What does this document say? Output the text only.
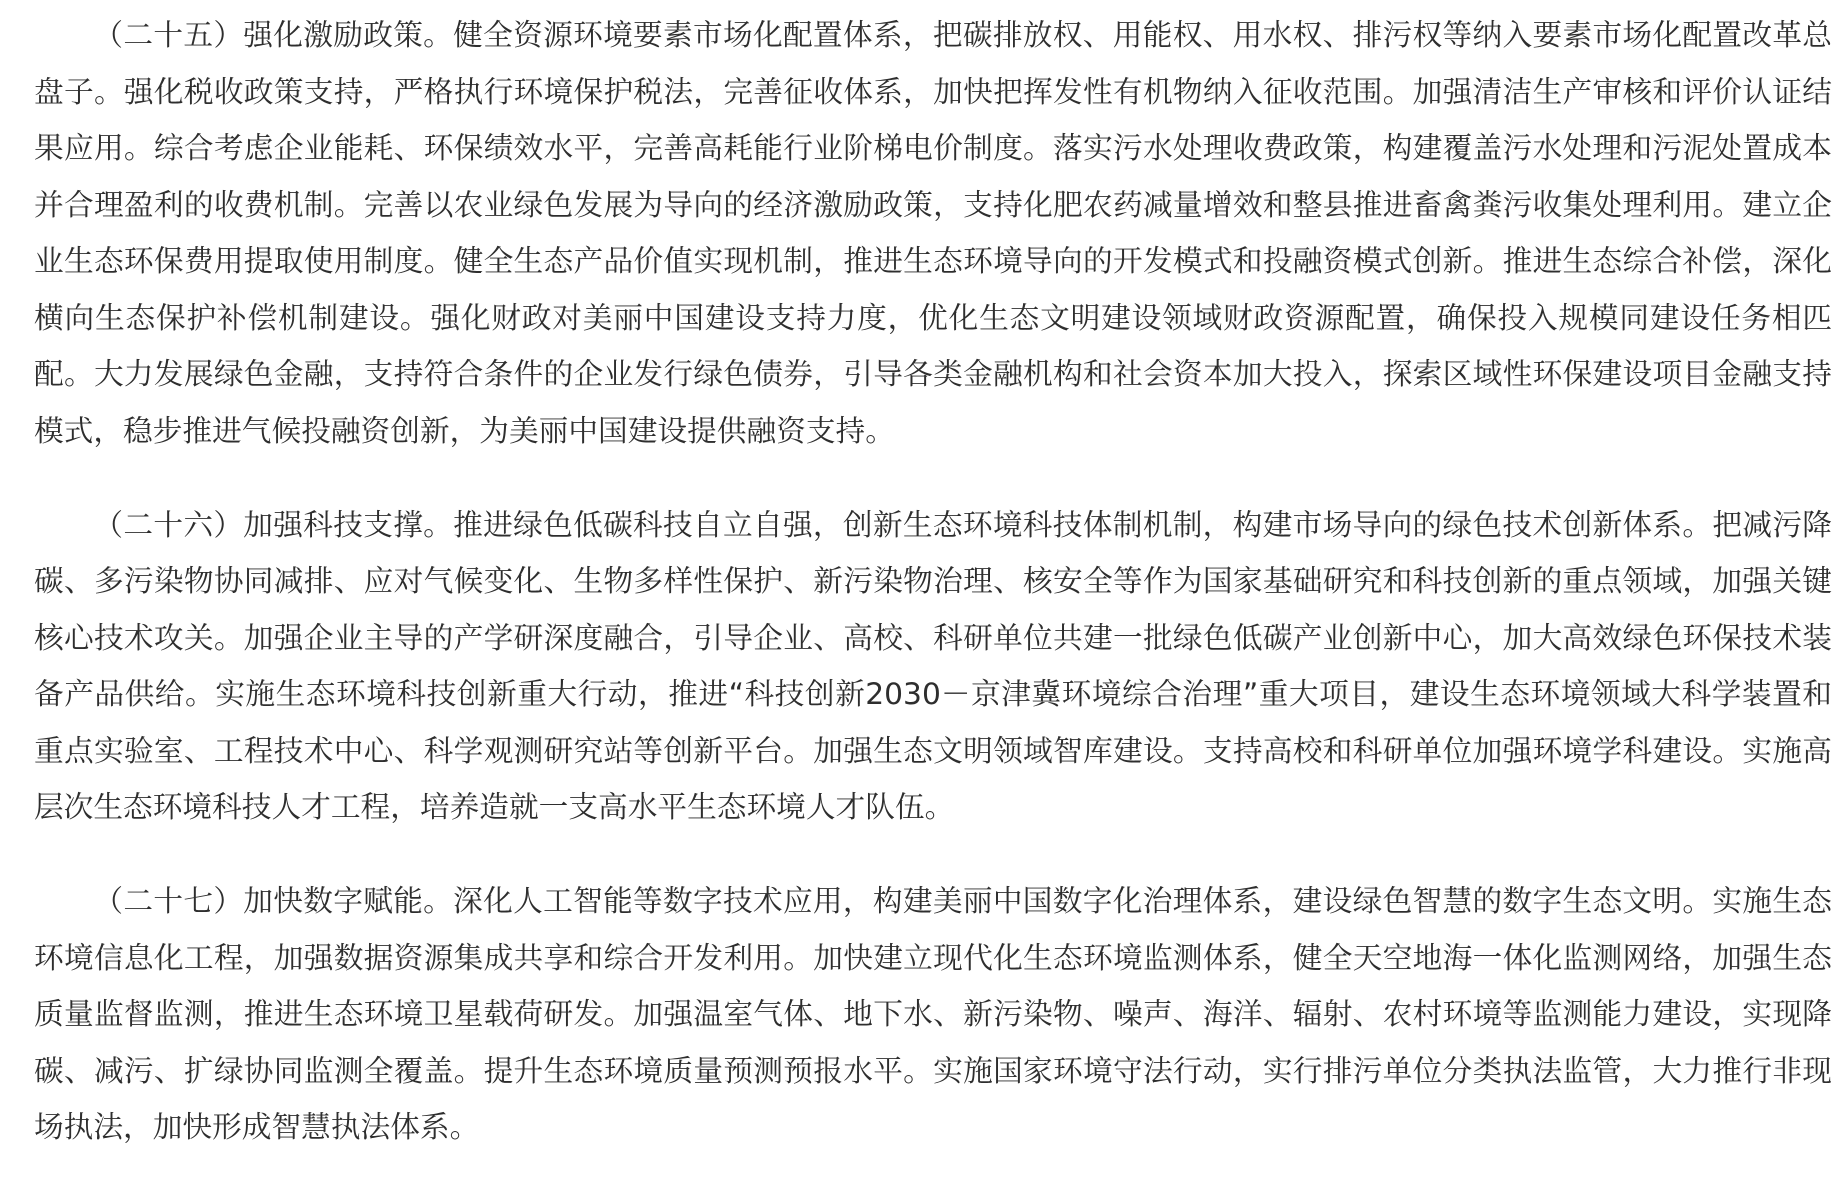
（二十五）强化激励政策。健全资源环境要素市场化配置体系，把碳排放权、用能权、用水权、排污权等纳入要素市场化配置改革总盘子。强化税收政策支持，严格执行环境保护税法，完善征收体系，加快把挥发性有机物纳入征收范围。加强清洁生产审核和评价认证结果应用。综合考虑企业能耗、环保绩效水平，完善高耗能行业阶梯电价制度。落实污水处理收费政策，构建覆盖污水处理和污泥处置成本并合理盈利的收费机制。完善以农业绿色发展为导向的经济激励政策，支持化肥农药减量增效和整县推进畜禽粪污收集处理利用。建立企业生态环保费用提取使用制度。健全生态产品价值实现机制，推进生态环境导向的开发模式和投融资模式创新。推进生态综合补偿，深化横向生态保护补偿机制建设。强化财政对美丽中国建设支持力度，优化生态文明建设领域财政资源配置，确保投入规模同建设任务相匹配。大力发展绿色金融，支持符合条件的企业发行绿色债券，引导各类金融机构和社会资本加大投入，探索区域性环保建设项目金融支持模式，稳步推进气候投融资创新，为美丽中国建设提供融资支持。

（二十六）加强科技支撑。推进绿色低碳科技自立自强，创新生态环境科技体制机制，构建市场导向的绿色技术创新体系。把减污降碳、多污染物协同减排、应对气候变化、生物多样性保护、新污染物治理、核安全等作为国家基础研究和科技创新的重点领域，加强关键核心技术攻关。加强企业主导的产学研深度融合，引导企业、高校、科研单位共建一批绿色低碳产业创新中心，加大高效绿色环保技术装备产品供给。实施生态环境科技创新重大行动，推进“科技创新2030－京津冀环境综合治理”重大项目，建设生态环境领域大科学装置和重点实验室、工程技术中心、科学观测研究站等创新平台。加强生态文明领域智库建设。支持高校和科研单位加强环境学科建设。实施高层次生态环境科技人才工程，培养造就一支高水平生态环境人才队伍。

（二十七）加快数字赋能。深化人工智能等数字技术应用，构建美丽中国数字化治理体系，建设绿色智慧的数字生态文明。实施生态环境信息化工程，加强数据资源集成共享和综合开发利用。加快建立现代化生态环境监测体系，健全天空地海一体化监测网络，加强生态质量监督监测，推进生态环境卫星载荷研发。加强温室气体、地下水、新污染物、噪声、海洋、辐射、农村环境等监测能力建设，实现降碳、减污、扩绿协同监测全覆盖。提升生态环境质量预测预报水平。实施国家环境守法行动，实行排污单位分类执法监管，大力推行非现场执法，加快形成智慧执法体系。
